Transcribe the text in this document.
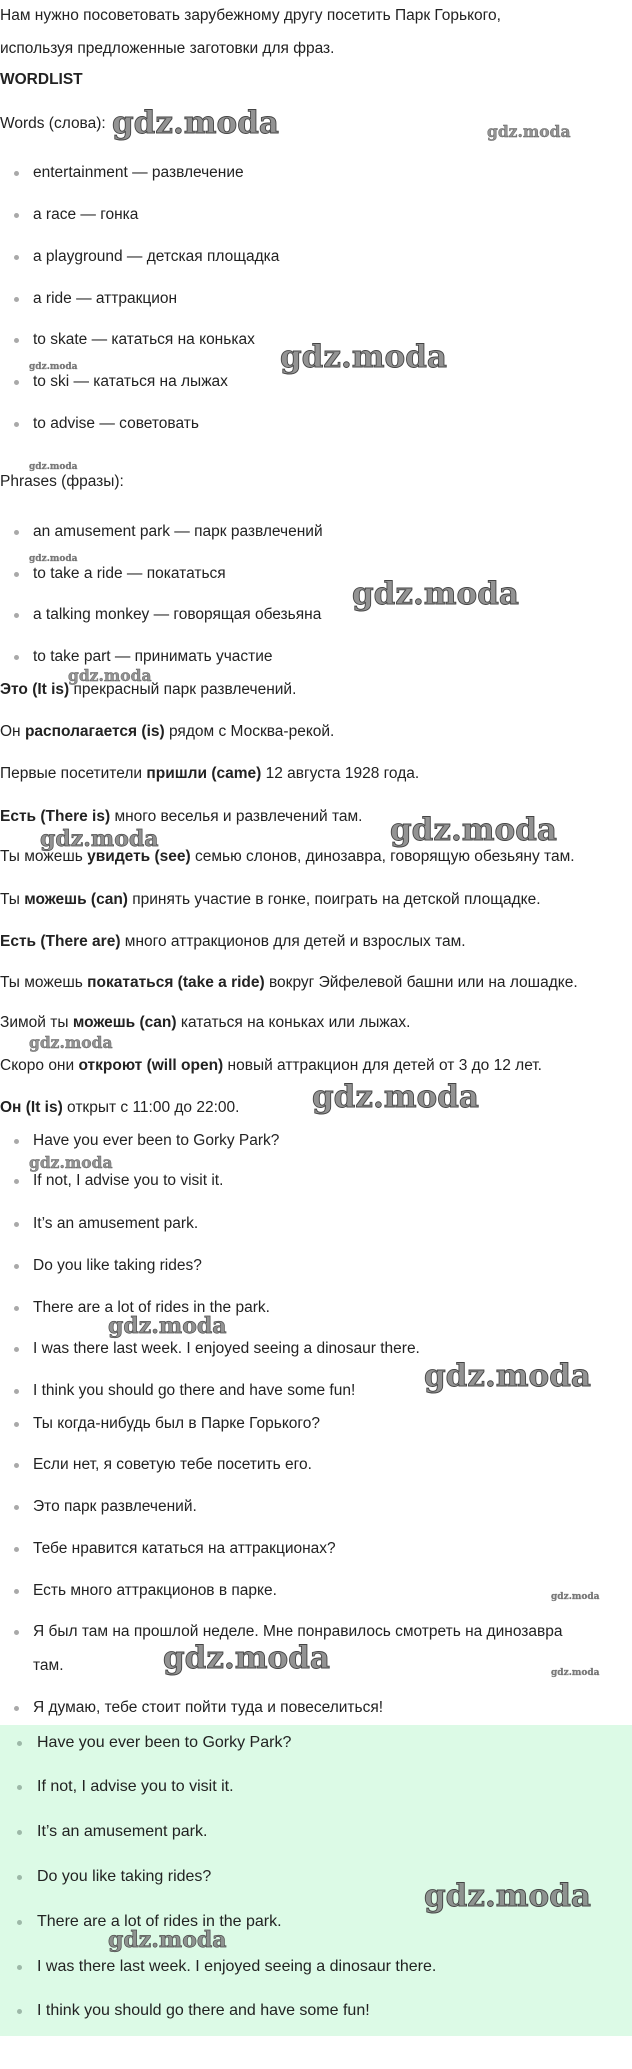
Нам нужно посоветовать зарубежному другу посетить Парк Горького,
используя предложенные заготовки для фраз.
WORDLIST
Words (слова):
entertainment — развлечение
a race — гонка
a playground — детская площадка
a ride — аттракцион
to skate — кататься на коньках
to ski — кататься на лыжах
to advise — советовать
Phrases (фразы):
an amusement park — парк развлечений
to take a ride — покататься
a talking monkey — говорящая обезьяна
to take part — принимать участие
Это (It is) прекрасный парк развлечений.
Он располагается (is) рядом с Москва-рекой.
Первые посетители пришли (came) 12 августа 1928 года.
Есть (There is) много веселья и развлечений там.
Ты можешь увидеть (see) семью слонов, динозавра, говорящую обезьяну там.
Ты можешь (can) принять участие в гонке, поиграть на детской площадке.
Есть (There are) много аттракционов для детей и взрослых там.
Ты можешь покататься (take a ride) вокруг Эйфелевой башни или на лошадке.
Зимой ты можешь (can) кататься на коньках или лыжах.
Скоро они откроют (will open) новый аттракцион для детей от 3 до 12 лет.
Он (It is) открыт с 11:00 до 22:00.
Have you ever been to Gorky Park?
If not, I advise you to visit it.
It’s an amusement park.
Do you like taking rides?
There are a lot of rides in the park.
I was there last week. I enjoyed seeing a dinosaur there.
I think you should go there and have some fun!
Ты когда-нибудь был в Парке Горького?
Если нет, я советую тебе посетить его.
Это парк развлечений.
Тебе нравится кататься на аттракционах?
Есть много аттракционов в парке.
Я был там на прошлой неделе. Мне понравилось смотреть на динозавра там.
Я думаю, тебе стоит пойти туда и повеселиться!
Have you ever been to Gorky Park?
If not, I advise you to visit it.
It’s an amusement park.
Do you like taking rides?
There are a lot of rides in the park.
I was there last week. I enjoyed seeing a dinosaur there.
I think you should go there and have some fun!
gdz.moda	gdz.moda
gdz.moda
gdz.moda
gdz.moda
gdz.moda
gdz.moda
gdz.moda
gdz.moda
gdz.moda
gdz.moda
gdz.moda
gdz.moda
gdz.moda
gdz.moda
gdz.moda
gdz.moda	gdz.moda
gdz.moda
gdz.moda
